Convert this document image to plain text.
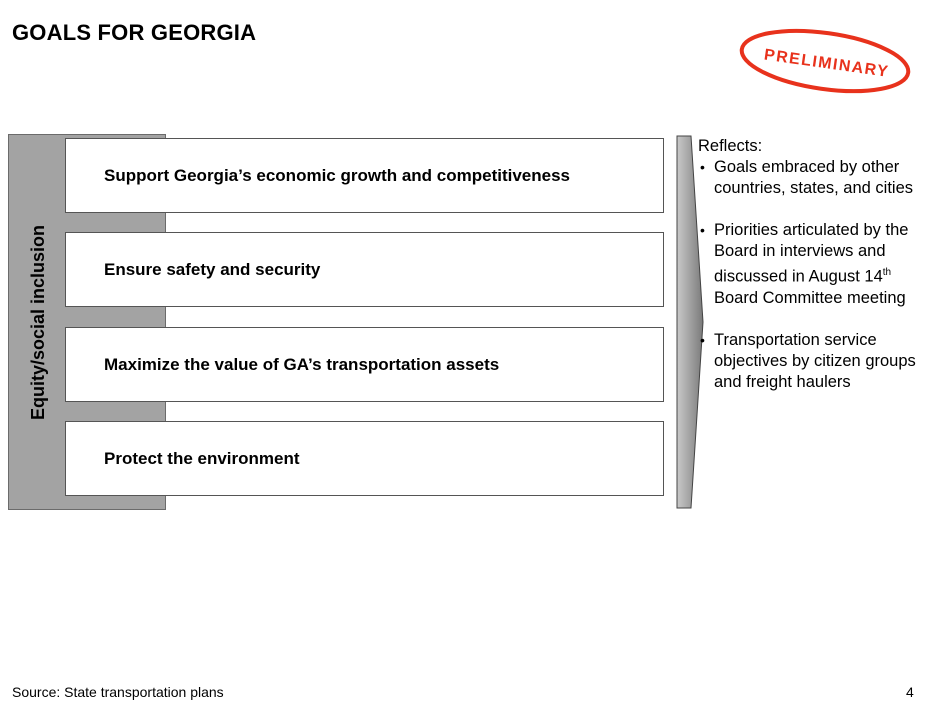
GOALS FOR GEORGIA
PRELIMINARY
Equity/social inclusion
Support Georgia’s economic growth and competitiveness
Ensure safety and security
Maximize the value of GA’s transportation assets
Protect the environment
Reflects:
• Goals embraced by other countries, states, and cities
• Priorities articulated by the Board in interviews and discussed in August 14th Board Committee meeting
• Transportation service objectives by citizen groups and freight haulers
Source: State transportation plans	4
